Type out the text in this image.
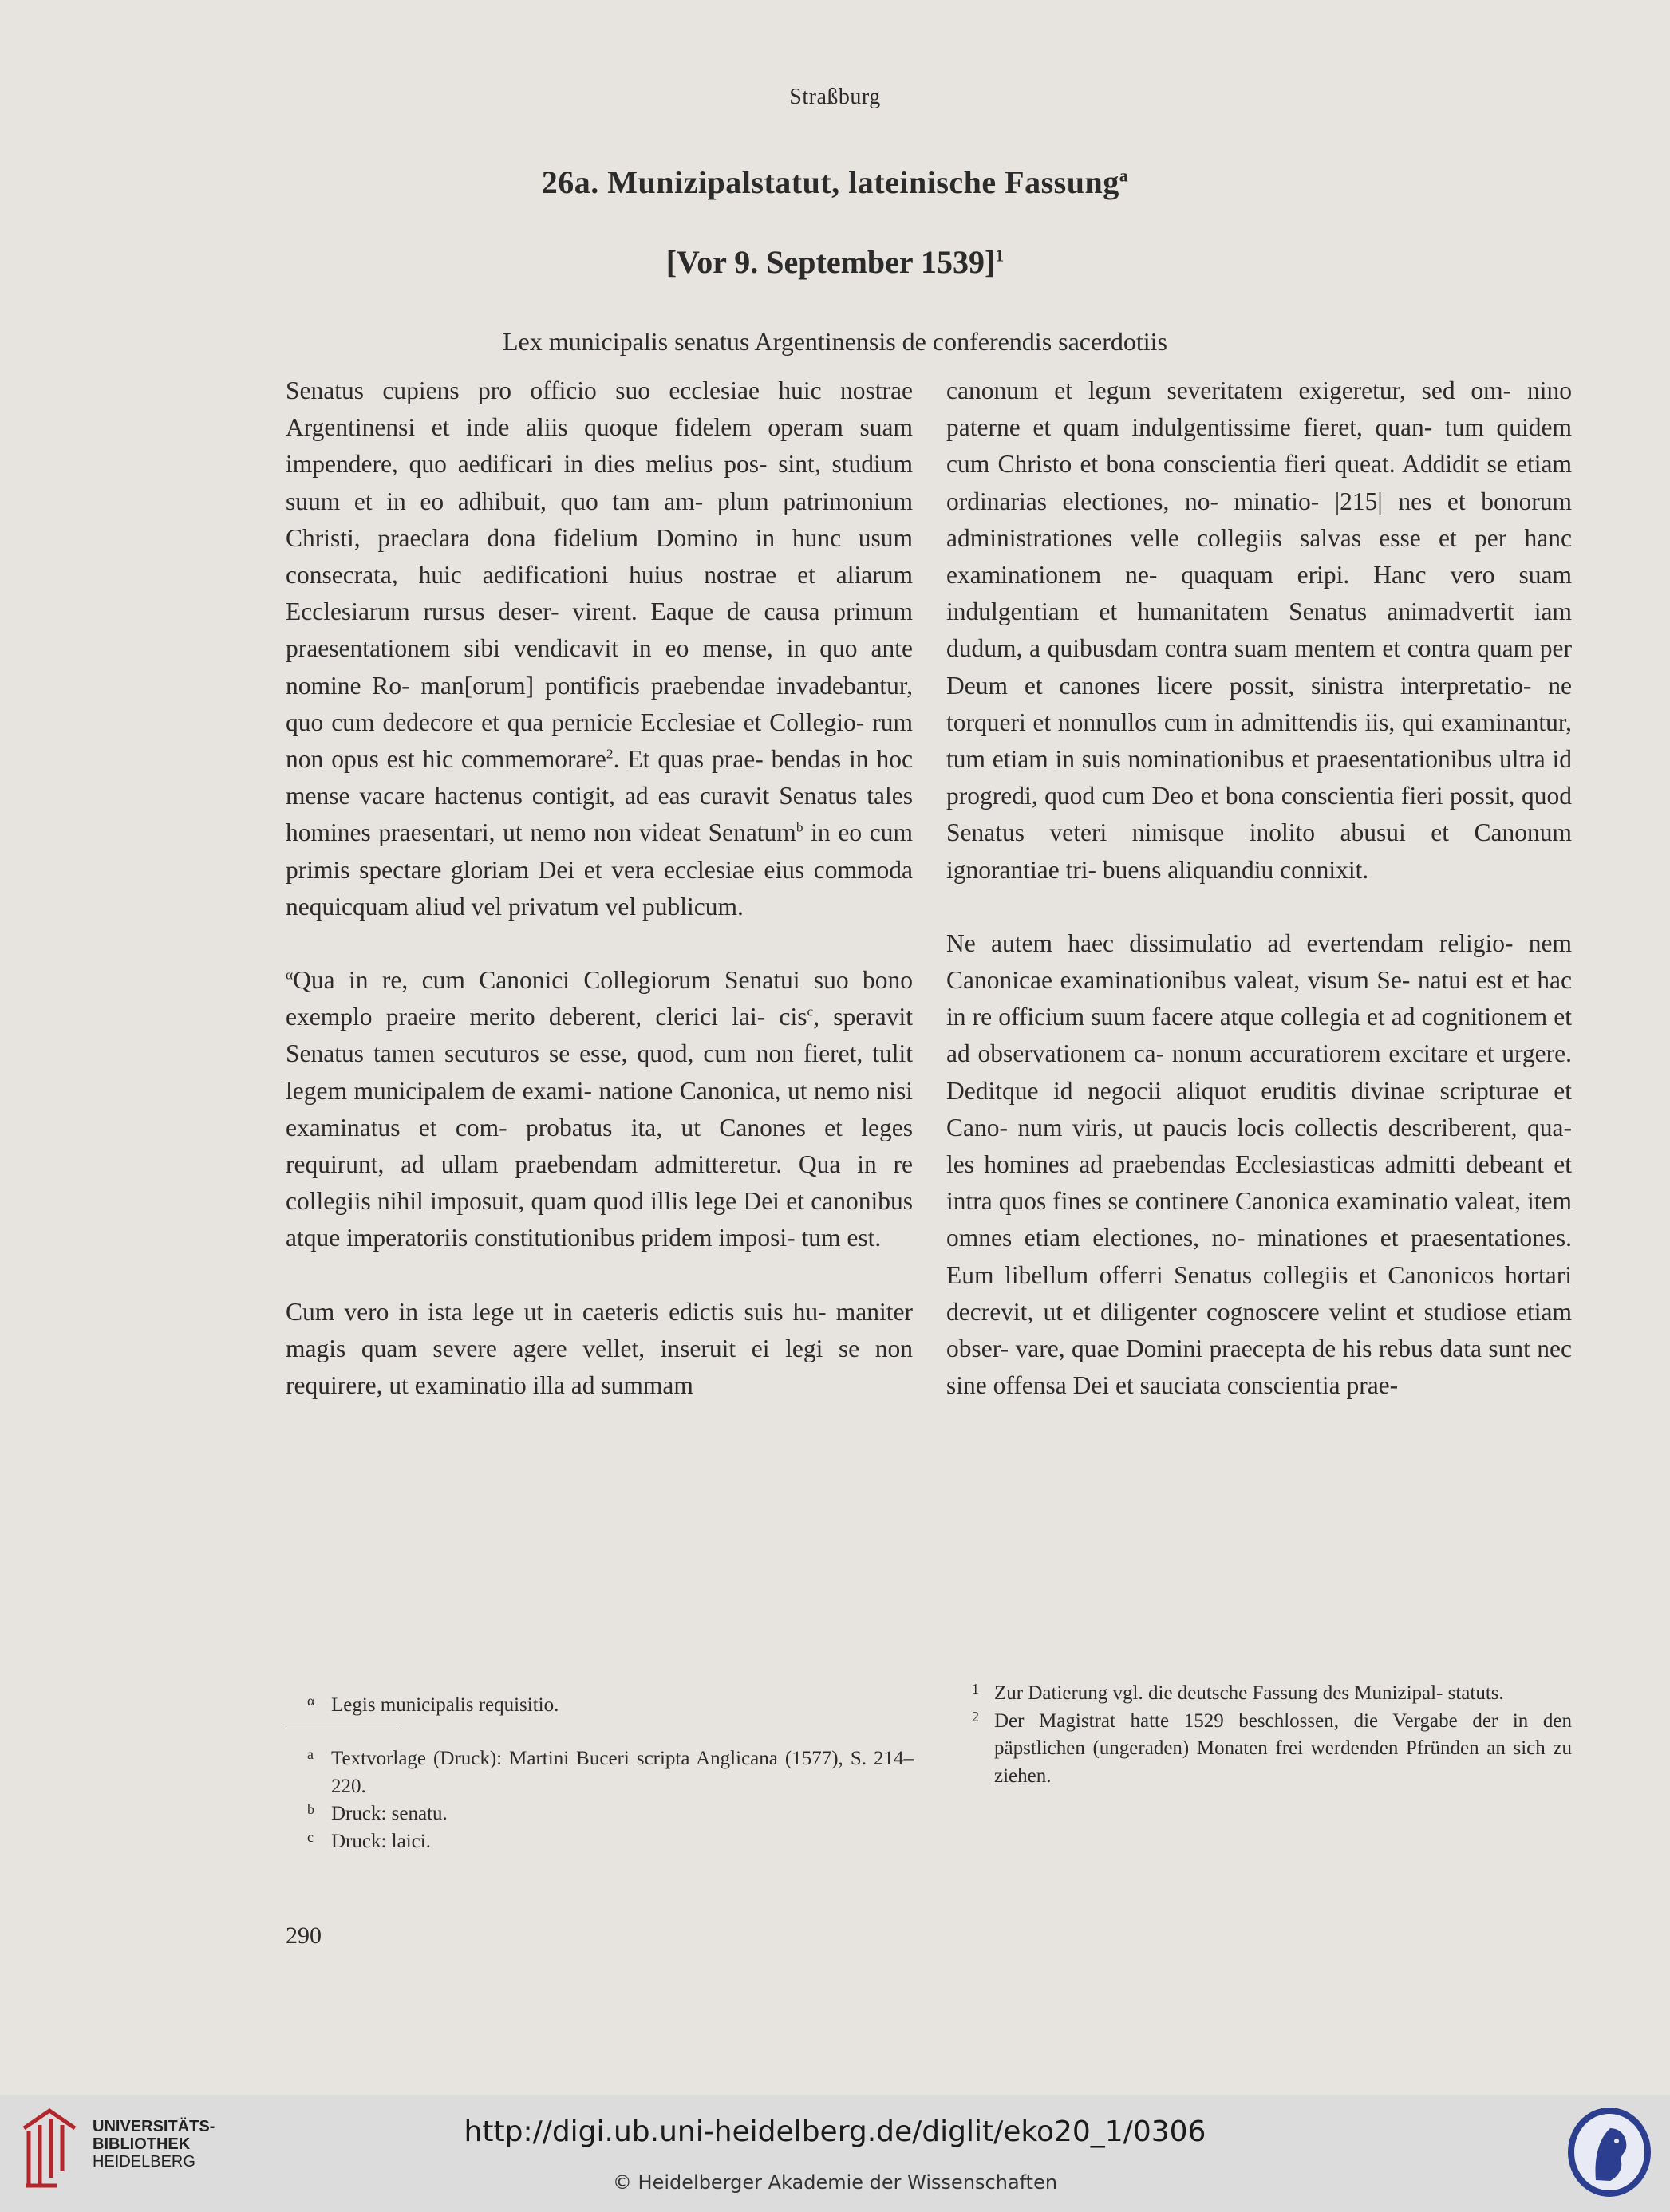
Straßburg
26a. Munizipalstatut, lateinische Fassung$^a$
[Vor 9. September 1539]$^1$
Lex municipalis senatus Argentinensis de conferendis sacerdotiis

Senatus cupiens pro officio suo ecclesiae huic nostrae Argentinensi et inde aliis quoque fidelem operam suam impendere, quo aedificari in dies melius pos- sint, studium suum et in eo adhibuit, quo tam am- plum patrimonium Christi, praeclara dona fidelium Domino in hunc usum consecrata, huic aedificationi huius nostrae et aliarum Ecclesiarum rursus deser- virent. Eaque de causa primum praesentationem sibi vendicavit in eo mense, in quo ante nomine Ro- man[orum] pontificis praebendae invadebantur, quo cum dedecore et qua pernicie Ecclesiae et Collegio- rum non opus est hic commemorare$^2$. Et quas prae- bendas in hoc mense vacare hactenus contigit, ad eas curavit Senatus tales homines praesentari, ut nemo non videat Senatum$^b$ in eo cum primis spectare gloriam Dei et vera ecclesiae eius commoda nequicquam aliud vel privatum vel publicum.

$^\alpha$Qua in re, cum Canonici Collegiorum Senatui suo bono exemplo praeire merito deberent, clerici lai- cis$^c$, speravit Senatus tamen secuturos se esse, quod, cum non fieret, tulit legem municipalem de exami- natione Canonica, ut nemo nisi examinatus et com- probatus ita, ut Canones et leges requirunt, ad ullam praebendam admitteretur. Qua in re collegiis nihil imposuit, quam quod illis lege Dei et canonibus atque imperatoriis constitutionibus pridem imposi- tum est.

Cum vero in ista lege ut in caeteris edictis suis hu- maniter magis quam severe agere vellet, inseruit ei legi se non requirere, ut examinatio illa ad summam

canonum et legum severitatem exigeretur, sed om- nino paterne et quam indulgentissime fieret, quan- tum quidem cum Christo et bona conscientia fieri queat. Addidit se etiam ordinarias electiones, no- minatio- |215| nes et bonorum administrationes velle collegiis salvas esse et per hanc examinationem ne- quaquam eripi. Hanc vero suam indulgentiam et humanitatem Senatus animadvertit iam dudum, a quibusdam contra suam mentem et contra quam per Deum et canones licere possit, sinistra interpretatio- ne torqueri et nonnullos cum in admittendis iis, qui examinantur, tum etiam in suis nominationibus et praesentationibus ultra id progredi, quod cum Deo et bona conscientia fieri possit, quod Senatus veteri nimisque inolito abusui et Canonum ignorantiae tri- buens aliquandiu connixit.

Ne autem haec dissimulatio ad evertendam religio- nem Canonicae examinationibus valeat, visum Se- natui est et hac in re officium suum facere atque collegia et ad cognitionem et ad observationem ca- nonum accuratiorem excitare et urgere. Deditque id negocii aliquot eruditis divinae scripturae et Cano- num viris, ut paucis locis collectis describerent, qua- les homines ad praebendas Ecclesiasticas admitti debeant et intra quos fines se continere Canonica examinatio valeat, item omnes etiam electiones, no- minationes et praesentationes. Eum libellum offerri Senatus collegiis et Canonicos hortari decrevit, ut et diligenter cognoscere velint et studiose etiam obser- vare, quae Domini praecepta de his rebus data sunt nec sine offensa Dei et sauciata conscientia prae-

α Legis municipalis requisitio.
a Textvorlage (Druck): Martini Buceri scripta Anglicana (1577), S. 214–220.
b Druck: senatu.
c Druck: laici.
1 Zur Datierung vgl. die deutsche Fassung des Munizipal- statuts.
2 Der Magistrat hatte 1529 beschlossen, die Vergabe der in den päpstlichen (ungeraden) Monaten frei werdenden Pfründen an sich zu ziehen.
290
UNIVERSITÄTS-
BIBLIOTHEK
HEIDELBERG
http://digi.ub.uni-heidelberg.de/diglit/eko20_1/0306
© Heidelberger Akademie der Wissenschaften
